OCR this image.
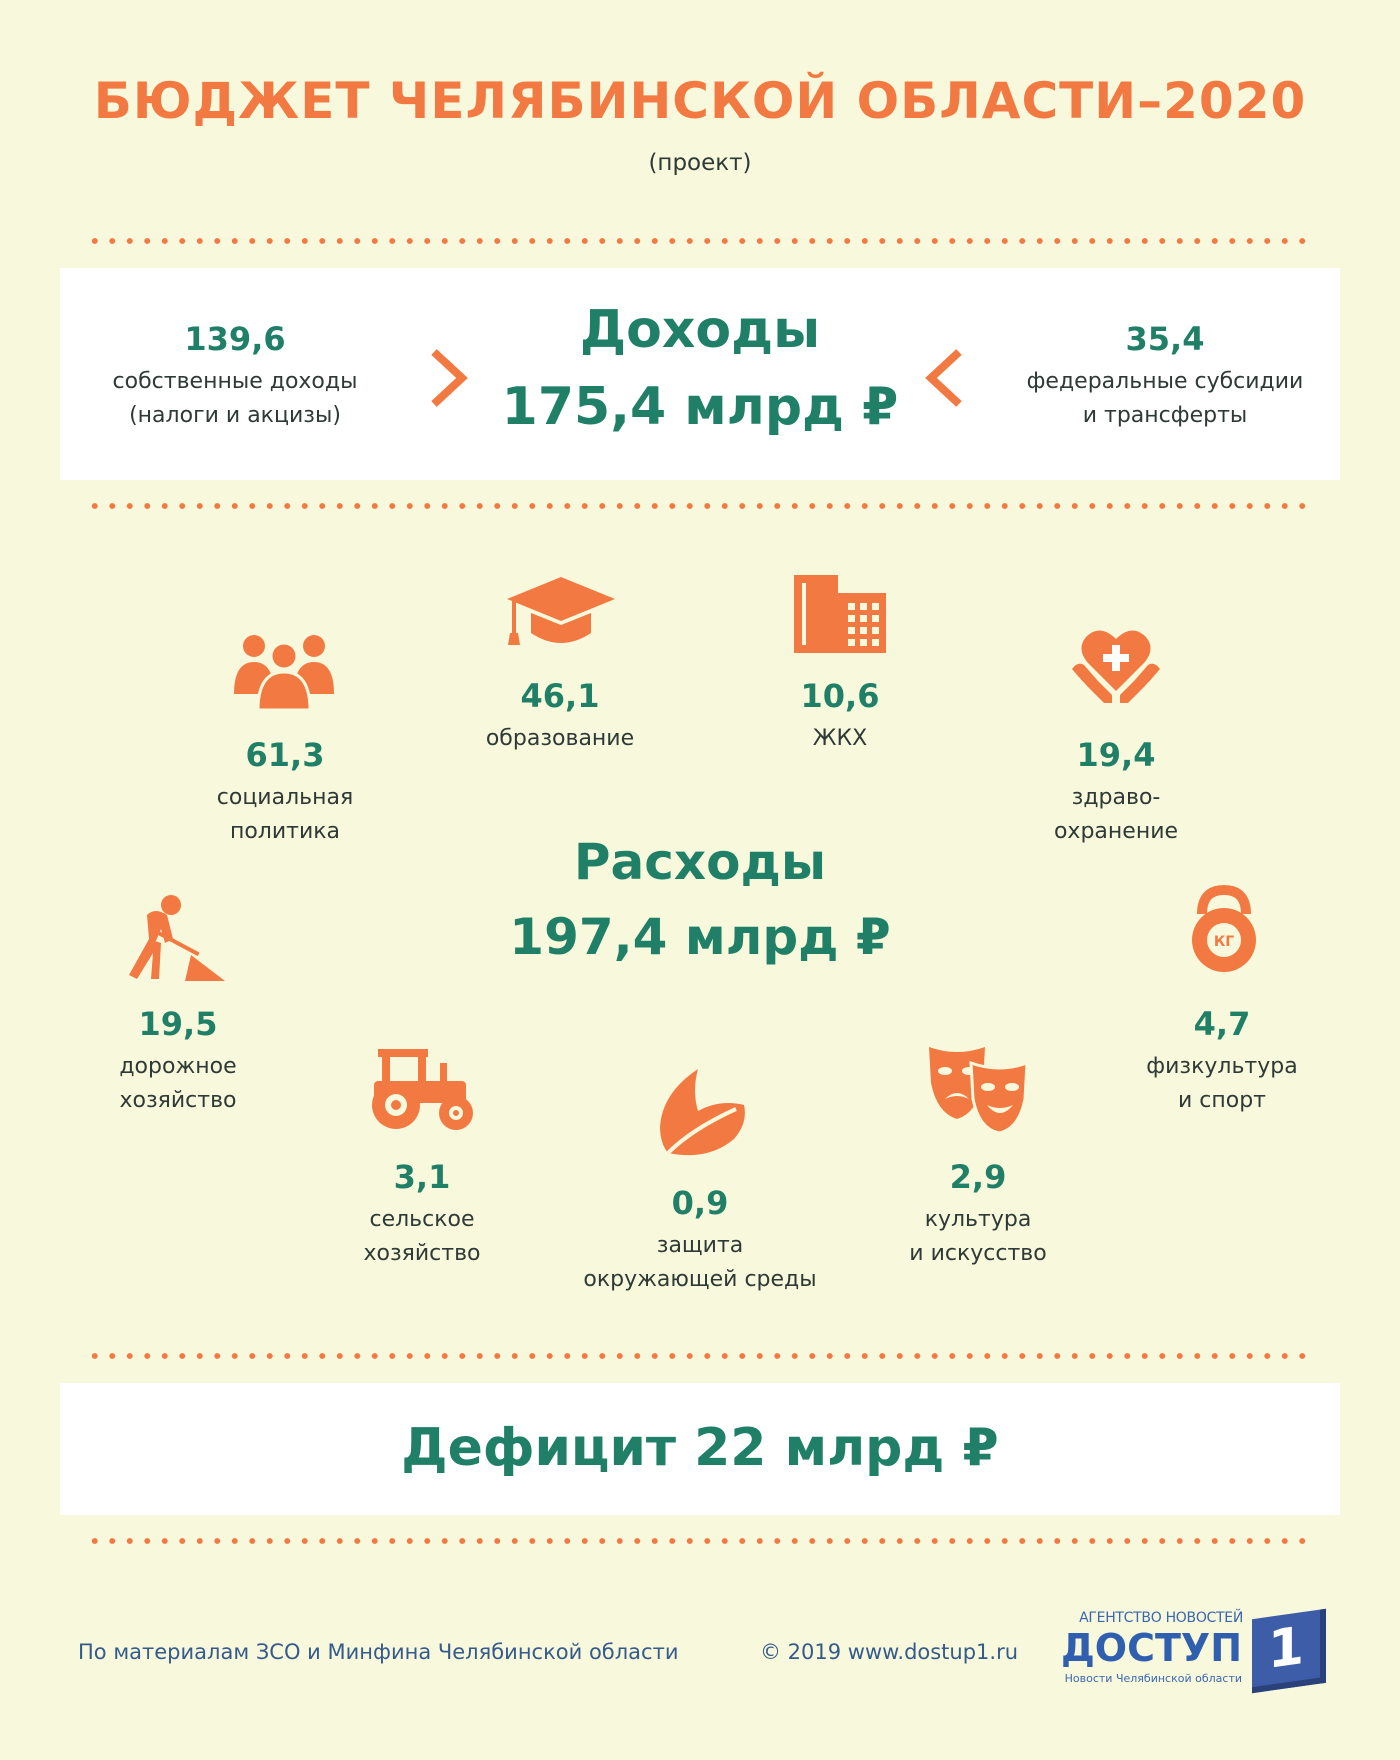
БЮДЖЕТ ЧЕЛЯБИНСКОЙ ОБЛАСТИ–2020
(проект)
139,6
собственные доходы
(налоги и акцизы)
Доходы
175,4 млрд ₽
35,4
федеральные субсидии
и трансферты
Расходы
197,4 млрд ₽
61,3
социальная
политика
46,1
образование
10,6
ЖКХ	19,4
здраво-
охранение
19,5
дорожное
хозяйство
КГ
4,7
физкультура
и спорт
3,1
сельское
хозяйство
0,9
защита
окружающей среды
2,9
культура
и искусство
Дефицит 22 млрд ₽
По материалам ЗСО и Минфина Челябинской области	© 2019 www.dostup1.ru
АГЕНТСТВО НОВОСТЕЙ
ДОСТУП
Новости Челябинской области 1
